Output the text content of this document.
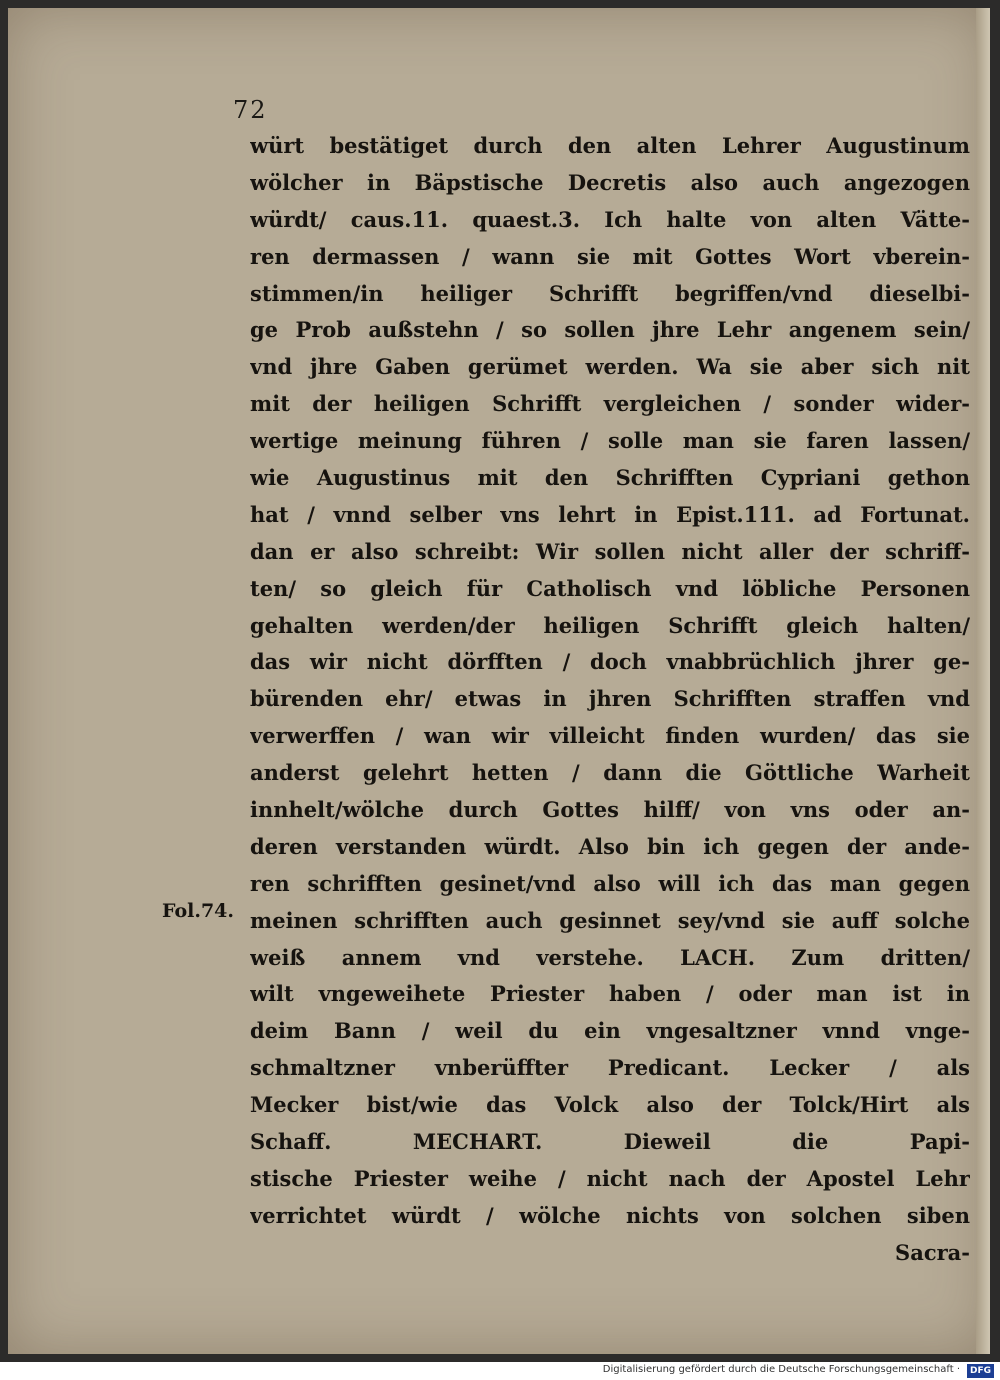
72
Fol.74.
würt bestätiget durch den alten Lehrer Augustinum
wölcher in Bäpstische Decretis also auch angezogen
würdt/ caus.11. quaest.3. Ich halte von alten Vätte-
ren dermassen / wann sie mit Gottes Wort vberein-
stimmen/in heiliger Schrifft begriffen/vnd dieselbi-
ge Prob außstehn / so sollen jhre Lehr angenem sein/
vnd jhre Gaben gerümet werden. Wa sie aber sich nit
mit der heiligen Schrifft vergleichen / sonder wider-
wertige meinung führen / solle man sie faren lassen/
wie Augustinus mit den Schrifften Cypriani gethon
hat / vnnd selber vns lehrt in Epist.111. ad Fortunat.
dan er also schreibt: Wir sollen nicht aller der schriff-
ten/ so gleich für Catholisch vnd löbliche Personen
gehalten werden/der heiligen Schrifft gleich halten/
das wir nicht dörfften / doch vnabbrüchlich jhrer ge-
bürenden ehr/ etwas in jhren Schrifften straffen vnd
verwerffen / wan wir villeicht finden wurden/ das sie
anderst gelehrt hetten / dann die Göttliche Warheit
innhelt/wölche durch Gottes hilff/ von vns oder an-
deren verstanden würdt. Also bin ich gegen der ande-
ren schrifften gesinet/vnd also will ich das man gegen
meinen schrifften auch gesinnet sey/vnd sie auff solche
weiß annem vnd verstehe. LACH. Zum dritten/
wilt vngeweihete Priester haben / oder man ist in
deim Bann / weil du ein vngesaltzner vnnd vnge-
schmaltzner vnberüffter Predicant. Lecker / als
Mecker bist/wie das Volck also der Tolck/Hirt als
Schaff. MECHART. Dieweil die Papi-
stische Priester weihe / nicht nach der Apostel Lehr
verrichtet würdt / wölche nichts von solchen siben
Sacra-
Digitalisierung gefördert durch die Deutsche Forschungsgemeinschaft ·	DFG
